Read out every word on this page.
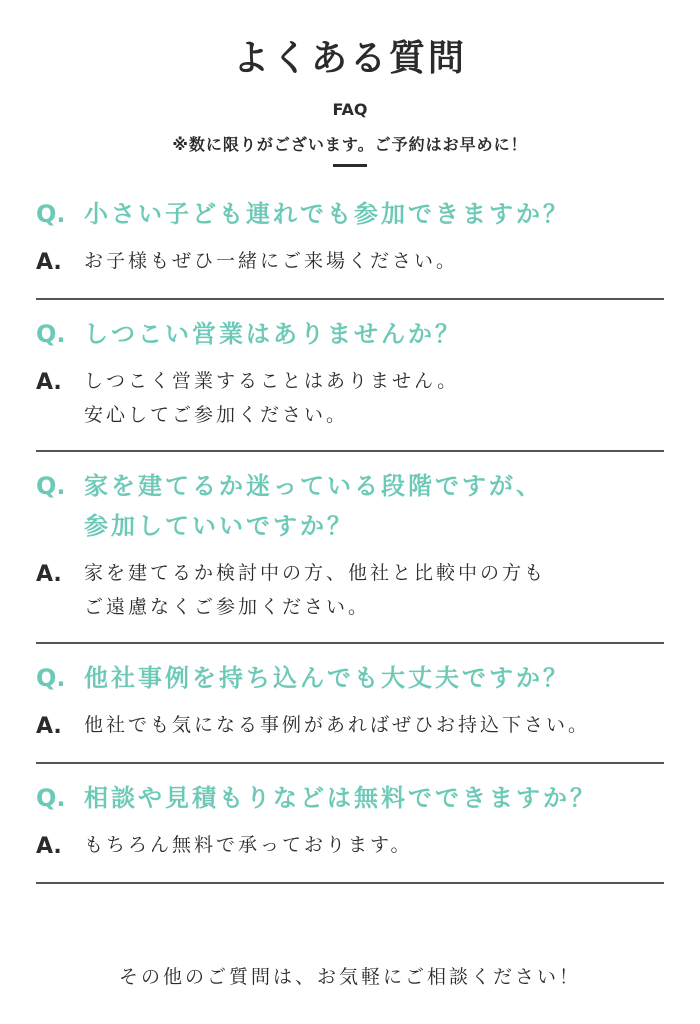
よくある質問
FAQ
※数に限りがございます。ご予約はお早めに！
Q. 小さい子ども連れでも参加できますか？
A.	お子様もぜひ一緒にご来場ください。
Q. しつこい営業はありませんか？
A.	しつこく営業することはありません。
安心してご参加ください。
Q. 家を建てるか迷っている段階ですが、
参加していいですか？
A.	家を建てるか検討中の方、他社と比較中の方も
ご遠慮なくご参加ください。
Q. 他社事例を持ち込んでも大丈夫ですか？
A.	他社でも気になる事例があればぜひお持込下さい。
Q. 相談や見積もりなどは無料でできますか？
A.	もちろん無料で承っております。
その他のご質問は、お気軽にご相談ください！
